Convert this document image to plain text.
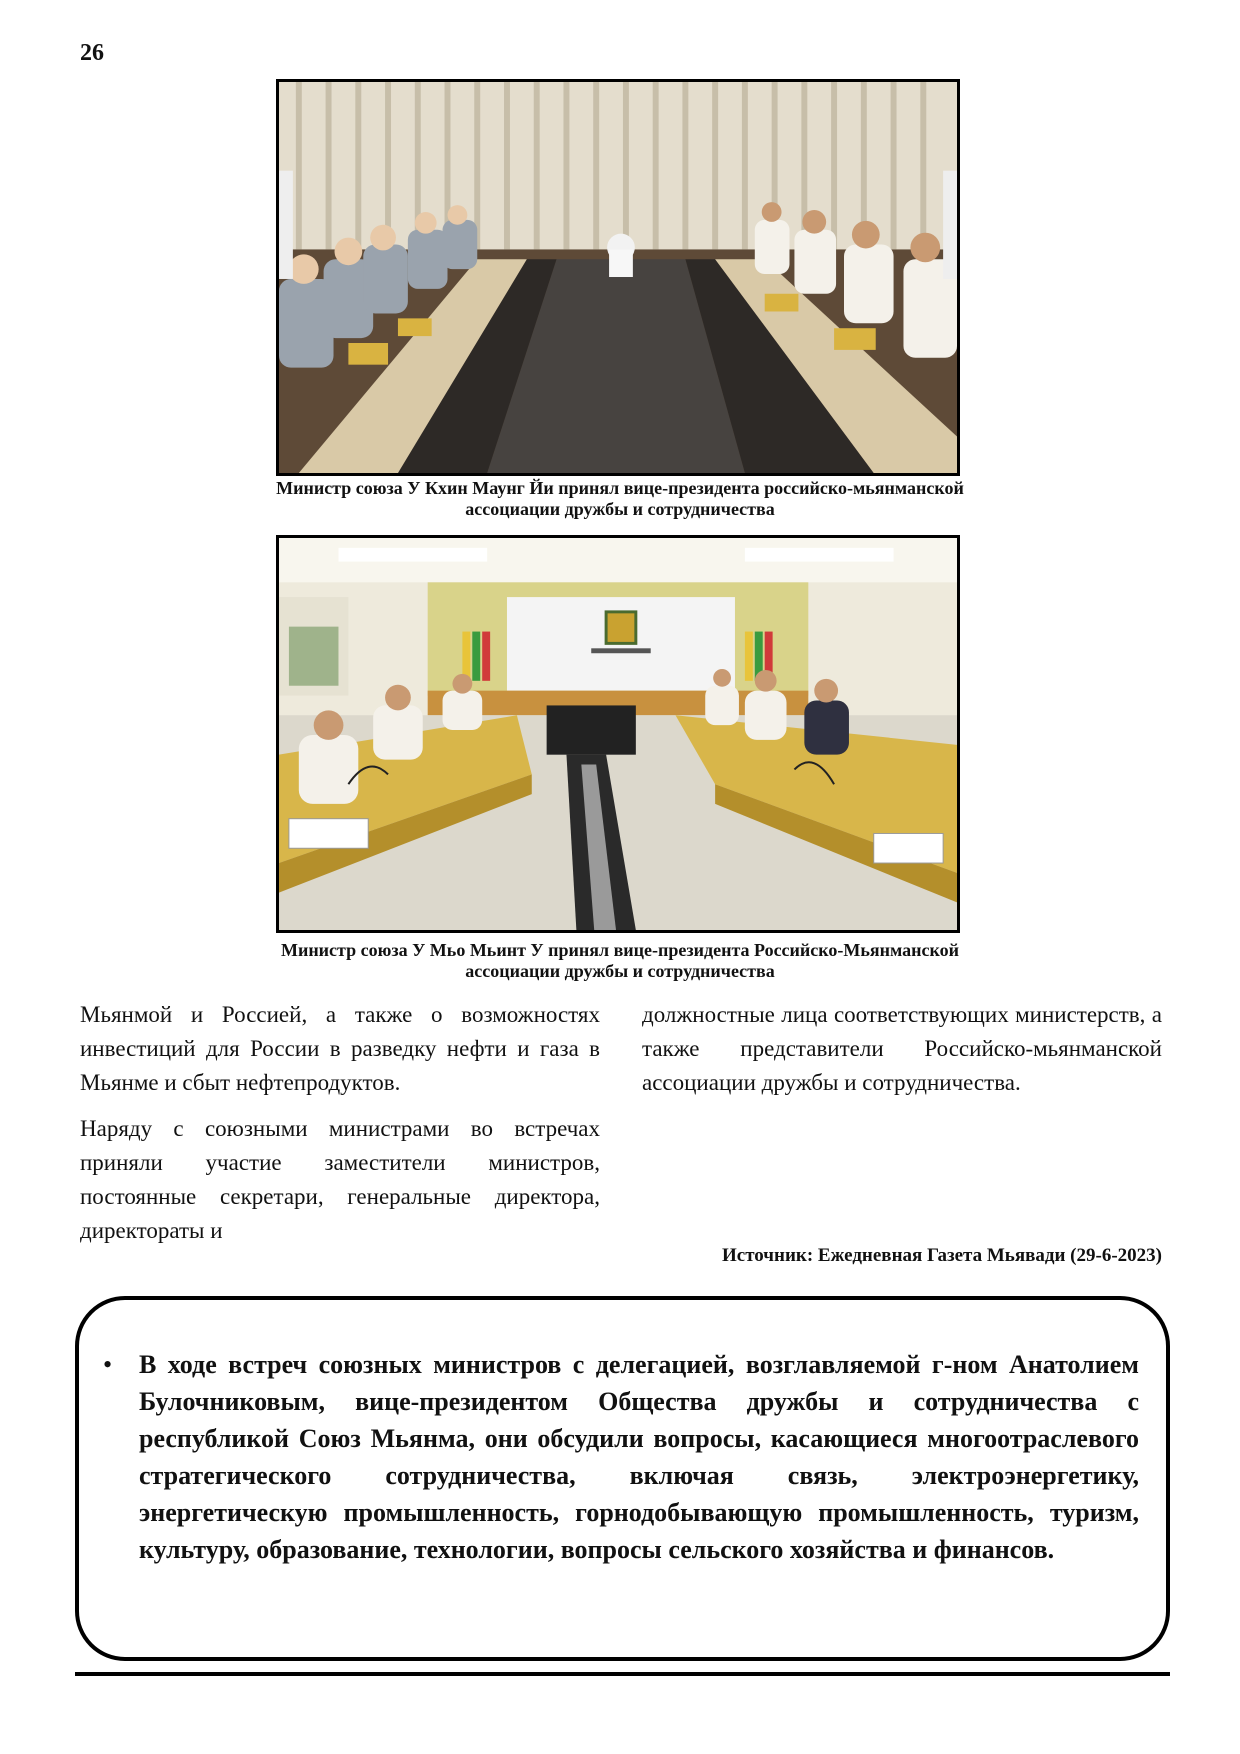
26
Министр союза У Кхин Маунг Йи принял вице-президента российско-мьянманской
ассоциации дружбы и сотрудничества
Министр союза У Мьо Мьинт У принял вице-президента Российско-Мьянманской
ассоциации дружбы и сотрудничества

Мьянмой и Россией, а также о возможностях инвестиций для России в разведку нефти и газа в Мьянме и сбыт нефтепродуктов.

Наряду с союзными министрами во встречах приняли участие заместители министров, постоянные секретари, генеральные директора, директораты и

должностные лица соответствующих министерств, а также представители Российско-мьянманской ассоциации дружбы и сотрудничества.

Источник: Ежедневная Газета Мьявади (29-6-2023)
• В ходе встреч союзных министров с делегацией, возглавляемой г-ном Анатолием Булочниковым, вице-президентом Общества дружбы и сотрудничества с республикой Союз Мьянма, они обсудили вопросы, касающиеся многоотраслевого стратегического сотрудничества, включая связь, электроэнергетику, энергетическую промышленность, горнодобывающую промышленность, туризм, культуру, образование, технологии, вопросы сельского хозяйства и финансов.
